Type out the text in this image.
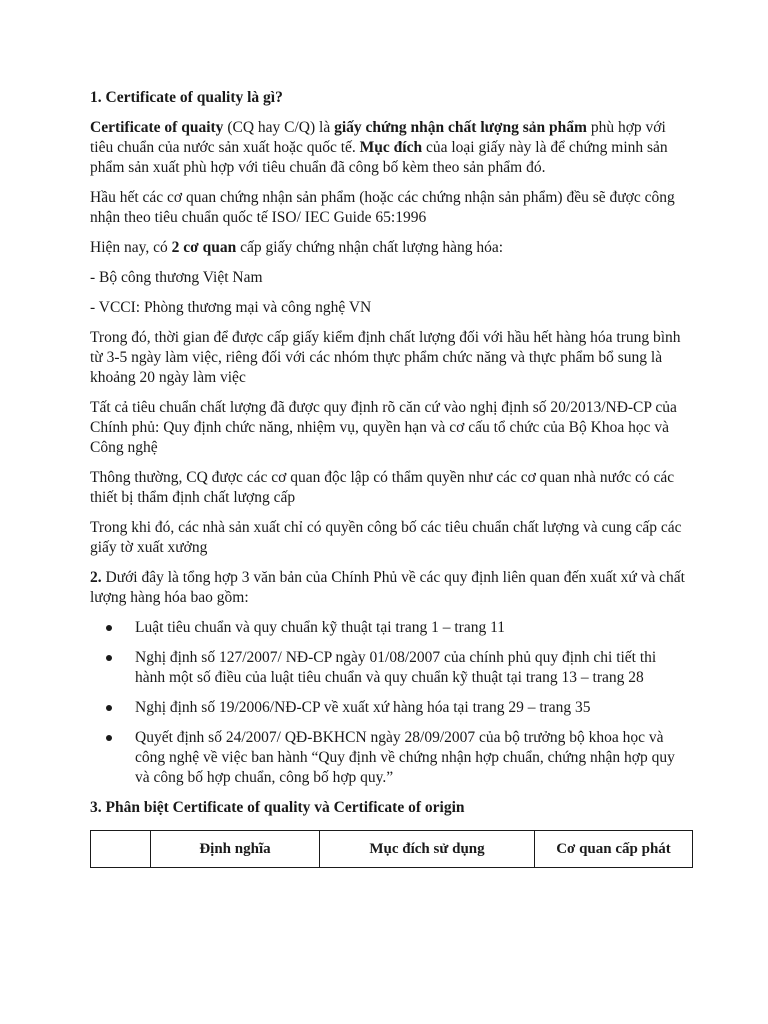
1. Certificate of quality là gì?

Certificate of quaity (CQ hay C/Q) là giấy chứng nhận chất lượng sản phẩm phù hợp với tiêu chuẩn của nước sản xuất hoặc quốc tế. Mục đích của loại giấy này là để chứng minh sản phẩm sản xuất phù hợp với tiêu chuẩn đã công bố kèm theo sản phẩm đó.

Hầu hết các cơ quan chứng nhận sản phẩm (hoặc các chứng nhận sản phẩm) đều sẽ được công nhận theo tiêu chuẩn quốc tế ISO/ IEC Guide 65:1996

Hiện nay, có 2 cơ quan cấp giấy chứng nhận chất lượng hàng hóa:

- Bộ công thương Việt Nam

- VCCI: Phòng thương mại và công nghệ VN

Trong đó, thời gian để được cấp giấy kiểm định chất lượng đối với hầu hết hàng hóa trung bình từ 3-5 ngày làm việc, riêng đối với các nhóm thực phẩm chức năng và thực phẩm bổ sung là khoảng 20 ngày làm việc

Tất cả tiêu chuẩn chất lượng đã được quy định rõ căn cứ vào nghị định số 20/2013/NĐ-CP của Chính phủ: Quy định chức năng, nhiệm vụ, quyền hạn và cơ cấu tổ chức của Bộ Khoa học và Công nghệ

Thông thường, CQ được các cơ quan độc lập có thẩm quyền như các cơ quan nhà nước có các thiết bị thẩm định chất lượng cấp

Trong khi đó, các nhà sản xuất chỉ có quyền công bố các tiêu chuẩn chất lượng và cung cấp các giấy tờ xuất xưởng

2. Dưới đây là tổng hợp 3 văn bản của Chính Phủ về các quy định liên quan đến xuất xứ và chất lượng hàng hóa bao gồm:

Luật tiêu chuẩn và quy chuẩn kỹ thuật tại trang 1 – trang 11
Nghị định số 127/2007/ NĐ-CP ngày 01/08/2007 của chính phủ quy định chi tiết thi hành một số điều của luật tiêu chuẩn và quy chuẩn kỹ thuật tại trang 13 – trang 28
Nghị định số 19/2006/NĐ-CP về xuất xứ hàng hóa tại trang 29 – trang 35
Quyết định số 24/2007/ QĐ-BKHCN ngày 28/09/2007 của bộ trưởng bộ khoa học và công nghệ về việc ban hành “Quy định về chứng nhận hợp chuẩn, chứng nhận hợp quy và công bố hợp chuẩn, công bố hợp quy.”
3. Phân biệt Certificate of quality và Certificate of origin
	Định nghĩa	Mục đích sử dụng	Cơ quan cấp phát
